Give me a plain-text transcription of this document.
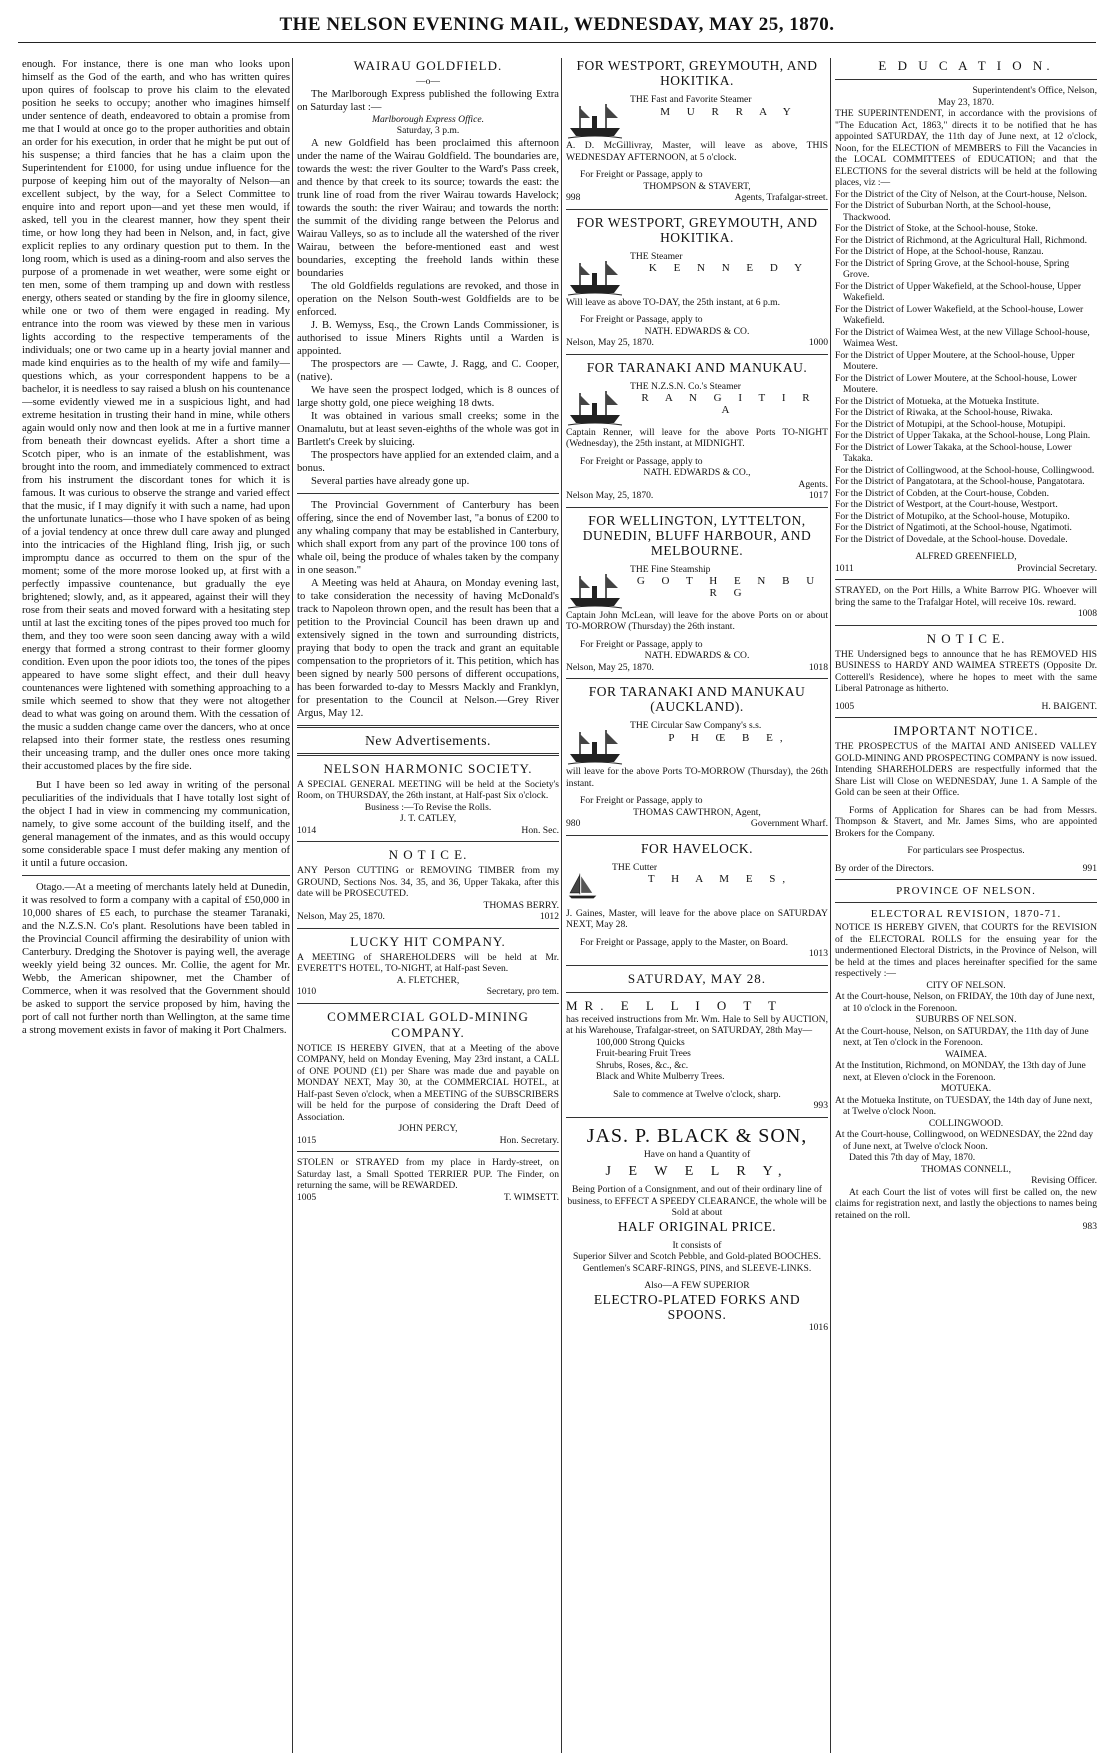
THE NELSON EVENING MAIL, WEDNESDAY, MAY 25, 1870.

enough. For instance, there is one man who looks upon himself as the God of the earth, and who has written quires upon quires of foolscap to prove his claim to the elevated position he seeks to occupy; another who imagines himself under sentence of death, endeavored to obtain a promise from me that I would at once go to the proper authorities and obtain an order for his execution, in order that he might be put out of his suspense; a third fancies that he has a claim upon the Superintendent for £1000, for using undue influence for the purpose of keeping him out of the mayoralty of Nelson—an excellent subject, by the way, for a Select Committee to enquire into and report upon—and yet these men would, if asked, tell you in the clearest manner, how they spent their time, or how long they had been in Nelson, and, in fact, give explicit replies to any ordinary question put to them. In the long room, which is used as a dining-room and also serves the purpose of a promenade in wet weather, were some eight or ten men, some of them tramping up and down with restless energy, others seated or standing by the fire in gloomy silence, while one or two of them were engaged in reading. My entrance into the room was viewed by these men in various lights according to the respective temperaments of the individuals; one or two came up in a hearty jovial manner and made kind enquiries as to the health of my wife and family—questions which, as your correspondent happens to be a bachelor, it is needless to say raised a blush on his countenance—some evidently viewed me in a suspicious light, and had extreme hesitation in trusting their hand in mine, while others again would only now and then look at me in a furtive manner from beneath their downcast eyelids. After a short time a Scotch piper, who is an inmate of the establishment, was brought into the room, and immediately commenced to extract from his instrument the discordant tones for which it is famous. It was curious to observe the strange and varied effect that the music, if I may dignify it with such a name, had upon the unfortunate lunatics—those who I have spoken of as being of a jovial tendency at once threw dull care away and plunged into the intricacies of the Highland fling, Irish jig, or such impromptu dance as occurred to them on the spur of the moment; some of the more morose looked up, at first with a perfectly impassive countenance, but gradually the eye brightened; slowly, and, as it appeared, against their will they rose from their seats and moved forward with a hesitating step until at last the exciting tones of the pipes proved too much for them, and they too were soon seen dancing away with a wild energy that formed a strong contrast to their former gloomy condition. Even upon the poor idiots too, the tones of the pipes appeared to have some slight effect, and their dull heavy countenances were lightened with something approaching to a smile which seemed to show that they were not altogether dead to what was going on around them. With the cessation of the music a sudden change came over the dancers, who at once relapsed into their former state, the restless ones resuming their unceasing tramp, and the duller ones once more taking their accustomed places by the fire side.

But I have been so led away in writing of the personal peculiarities of the individuals that I have totally lost sight of the object I had in view in commencing my communication, namely, to give some account of the building itself, and the general management of the inmates, and as this would occupy some considerable space I must defer making any mention of it until a future occasion.

Otago.—At a meeting of merchants lately held at Dunedin, it was resolved to form a company with a capital of £50,000 in 10,000 shares of £5 each, to purchase the steamer Taranaki, and the N.Z.S.N. Co's plant. Resolutions have been tabled in the Provincial Council affirming the desirability of union with Canterbury. Dredging the Shotover is paying well, the average weekly yield being 32 ounces. Mr. Collie, the agent for Mr. Webb, the American shipowner, met the Chamber of Commerce, when it was resolved that the Government should be asked to support the service proposed by him, having the port of call not further north than Wellington, at the same time a strong movement exists in favor of making it Port Chalmers.

WAIRAU GOLDFIELD.
—o—

The Marlborough Express published the following Extra on Saturday last :—

Marlborough Express Office.

Saturday, 3 p.m.

A new Goldfield has been proclaimed this afternoon under the name of the Wairau Goldfield. The boundaries are, towards the west: the river Goulter to the Ward's Pass creek, and thence by that creek to its source; towards the east: the trunk line of road from the river Wairau towards Havelock; towards the south: the river Wairau; and towards the north: the summit of the dividing range between the Pelorus and Wairau Valleys, so as to include all the watershed of the river Wairau, between the before-mentioned east and west boundaries, excepting the freehold lands within these boundaries

The old Goldfields regulations are revoked, and those in operation on the Nelson South-west Goldfields are to be enforced.

J. B. Wemyss, Esq., the Crown Lands Commissioner, is authorised to issue Miners Rights until a Warden is appointed.

The prospectors are — Cawte, J. Ragg, and C. Cooper, (native).

We have seen the prospect lodged, which is 8 ounces of large shotty gold, one piece weighing 18 dwts.

It was obtained in various small creeks; some in the Onamalutu, but at least seven-eighths of the whole was got in Bartlett's Creek by sluicing.

The prospectors have applied for an extended claim, and a bonus.

Several parties have already gone up.

The Provincial Government of Canterbury has been offering, since the end of November last, "a bonus of £200 to any whaling company that may be established in Canterbury, which shall export from any part of the province 100 tons of whale oil, being the produce of whales taken by the company in one season."

A Meeting was held at Ahaura, on Monday evening last, to take consideration the necessity of having McDonald's track to Napoleon thrown open, and the result has been that a petition to the Provincial Council has been drawn up and extensively signed in the town and surrounding districts, praying that body to open the track and grant an equitable compensation to the proprietors of it. This petition, which has been signed by nearly 500 persons of different occupations, has been forwarded to-day to Messrs Mackly and Franklyn, for presentation to the Council at Nelson.—Grey River Argus, May 12.

New Advertisements.
NELSON HARMONIC SOCIETY.

A SPECIAL GENERAL MEETING will be held at the Society's Room, on THURSDAY, the 26th instant, at Half-past Six o'clock.

Business :—To Revise the Rolls.

J. T. CATLEY,

1014	Hon. Sec.
N O T I C E.

ANY Person CUTTING or REMOVING TIMBER from my GROUND, Sections Nos. 34, 35, and 36, Upper Takaka, after this date will be PROSECUTED.

THOMAS BERRY.

Nelson, May 25, 1870.	1012
LUCKY HIT COMPANY.

A MEETING of SHAREHOLDERS will be held at Mr. EVERETT'S HOTEL, TO-NIGHT, at Half-past Seven.

A. FLETCHER,

1010	Secretary, pro tem.
COMMERCIAL GOLD-MINING COMPANY.

NOTICE IS HEREBY GIVEN, that at a Meeting of the above COMPANY, held on Monday Evening, May 23rd instant, a CALL of ONE POUND (£1) per Share was made due and payable on MONDAY NEXT, May 30, at the COMMERCIAL HOTEL, at Half-past Seven o'clock, when a MEETING of the SUBSCRIBERS will be held for the purpose of considering the Draft Deed of Association.

JOHN PERCY,

1015	Hon. Secretary.

STOLEN or STRAYED from my place in Hardy-street, on Saturday last, a Small Spotted TERRIER PUP. The Finder, on returning the same, will be REWARDED.

1005	T. WIMSETT.
FOR WESTPORT, GREYMOUTH, AND HOKITIKA.

THE Fast and Favorite Steamer

M U R R A Y

A. D. McGillivray, Master, will leave as above, THIS WEDNESDAY AFTERNOON, at 5 o'clock.

For Freight or Passage, apply to

THOMPSON & STAVERT,

998	Agents, Trafalgar-street.
FOR WESTPORT, GREYMOUTH, AND HOKITIKA.

THE Steamer

K E N N E D Y

Will leave as above TO-DAY, the 25th instant, at 6 p.m.

For Freight or Passage, apply to

NATH. EDWARDS & CO.

Nelson, May 25, 1870.	1000
FOR TARANAKI AND MANUKAU.

THE N.Z.S.N. Co.'s Steamer

R A N G I T I R A

Captain Renner, will leave for the above Ports TO-NIGHT (Wednesday), the 25th instant, at MIDNIGHT.

For Freight or Passage, apply to

NATH. EDWARDS & CO.,

Agents.

Nelson May, 25, 1870.	1017
FOR WELLINGTON, LYTTELTON, DUNEDIN, BLUFF HARBOUR, AND MELBOURNE.

THE Fine Steamship

G O T H E N B U R G

Captain John McLean, will leave for the above Ports on or about TO-MORROW (Thursday) the 26th instant.

For Freight or Passage, apply to

NATH. EDWARDS & CO.

Nelson, May 25, 1870.	1018
FOR TARANAKI AND MANUKAU (AUCKLAND).

THE Circular Saw Company's s.s.

P H Œ B E,

will leave for the above Ports TO-MORROW (Thursday), the 26th instant.

For Freight or Passage, apply to

THOMAS CAWTHRON, Agent,

980	Government Wharf.
FOR HAVELOCK.

THE Cutter

T H A M E S,

J. Gaines, Master, will leave for the above place on SATURDAY NEXT, May 28.

For Freight or Passage, apply to the Master, on Board.

1013
SATURDAY, MAY 28.

MR. E L L I O T T

has received instructions from Mr. Wm. Hale to Sell by AUCTION, at his Warehouse, Trafalgar-street, on SATURDAY, 28th May—

100,000 Strong Quicks

Fruit-bearing Fruit Trees

Shrubs, Roses, &c., &c.

Black and White Mulberry Trees.

Sale to commence at Twelve o'clock, sharp.

993
JAS. P. BLACK & SON,

Have on hand a Quantity of

J E W E L R Y,

Being Portion of a Consignment, and out of their ordinary line of business, to EFFECT A SPEEDY CLEARANCE, the whole will be Sold at about

HALF ORIGINAL PRICE.

It consists of

Superior Silver and Scotch Pebble, and Gold-plated BOOCHES.

Gentlemen's SCARF-RINGS, PINS, and SLEEVE-LINKS.

Also—A FEW SUPERIOR

ELECTRO-PLATED FORKS AND SPOONS.

1016
E D U C A T I O N.

Superintendent's Office, Nelson,

May 23, 1870.

THE SUPERINTENDENT, in accordance with the provisions of "The Education Act, 1863," directs it to be notified that he has appointed SATURDAY, the 11th day of June next, at 12 o'clock, Noon, for the ELECTION of MEMBERS to Fill the Vacancies in the LOCAL COMMITTEES of EDUCATION; and that the ELECTIONS for the several districts will be held at the following places, viz :—

For the District of the City of Nelson, at the Court-house, Nelson.

For the District of Suburban North, at the School-house, Thackwood.

For the District of Stoke, at the School-house, Stoke.

For the District of Richmond, at the Agricultural Hall, Richmond.

For the District of Hope, at the School-house, Ranzau.

For the District of Spring Grove, at the School-house, Spring Grove.

For the District of Upper Wakefield, at the School-house, Upper Wakefield.

For the District of Lower Wakefield, at the School-house, Lower Wakefield.

For the District of Waimea West, at the new Village School-house, Waimea West.

For the District of Upper Moutere, at the School-house, Upper Moutere.

For the District of Lower Moutere, at the School-house, Lower Moutere.

For the District of Motueka, at the Motueka Institute.

For the District of Riwaka, at the School-house, Riwaka.

For the District of Motupipi, at the School-house, Motupipi.

For the District of Upper Takaka, at the School-house, Long Plain.

For the District of Lower Takaka, at the School-house, Lower Takaka.

For the District of Collingwood, at the School-house, Collingwood.

For the District of Pangatotara, at the School-house, Pangatotara.

For the District of Cobden, at the Court-house, Cobden.

For the District of Westport, at the Court-house, Westport.

For the District of Motupiko, at the School-house, Motupiko.

For the District of Ngatimoti, at the School-house, Ngatimoti.

For the District of Dovedale, at the School-house. Dovedale.

ALFRED GREENFIELD,

1011	Provincial Secretary.

STRAYED, on the Port Hills, a White Barrow PIG. Whoever will bring the same to the Trafalgar Hotel, will receive 10s. reward.

1008
N O T I C E.

THE Undersigned begs to announce that he has REMOVED HIS BUSINESS to HARDY AND WAIMEA STREETS (Opposite Dr. Cotterell's Residence), where he hopes to meet with the same Liberal Patronage as hitherto.

1005	H. BAIGENT.
IMPORTANT NOTICE.

THE PROSPECTUS of the MAITAI AND ANISEED VALLEY GOLD-MINING AND PROSPECTING COMPANY is now issued. Intending SHAREHOLDERS are respectfully informed that the Share List will Close on WEDNESDAY, June 1. A Sample of the Gold can be seen at their Office.

Forms of Application for Shares can be had from Messrs. Thompson & Stavert, and Mr. James Sims, who are appointed Brokers for the Company.

For particulars see Prospectus.

By order of the Directors.	991
PROVINCE OF NELSON.
ELECTORAL REVISION, 1870-71.

NOTICE IS HEREBY GIVEN, that COURTS for the REVISION of the ELECTORAL ROLLS for the ensuing year for the undermentioned Electoral Districts, in the Province of Nelson, will be held at the times and places hereinafter specified for the same respectively :—

CITY OF NELSON.

At the Court-house, Nelson, on FRIDAY, the 10th day of June next, at 10 o'clock in the Forenoon.

SUBURBS OF NELSON.

At the Court-house, Nelson, on SATURDAY, the 11th day of June next, at Ten o'clock in the Forenoon.

WAIMEA.

At the Institution, Richmond, on MONDAY, the 13th day of June next, at Eleven o'clock in the Forenoon.

MOTUEKA.

At the Motueka Institute, on TUESDAY, the 14th day of June next, at Twelve o'clock Noon.

COLLINGWOOD.

At the Court-house, Collingwood, on WEDNESDAY, the 22nd day of June next, at Twelve o'clock Noon.

Dated this 7th day of May, 1870.

THOMAS CONNELL,

Revising Officer.

At each Court the list of votes will first be called on, the new claims for registration next, and lastly the objections to names being retained on the roll.

983
